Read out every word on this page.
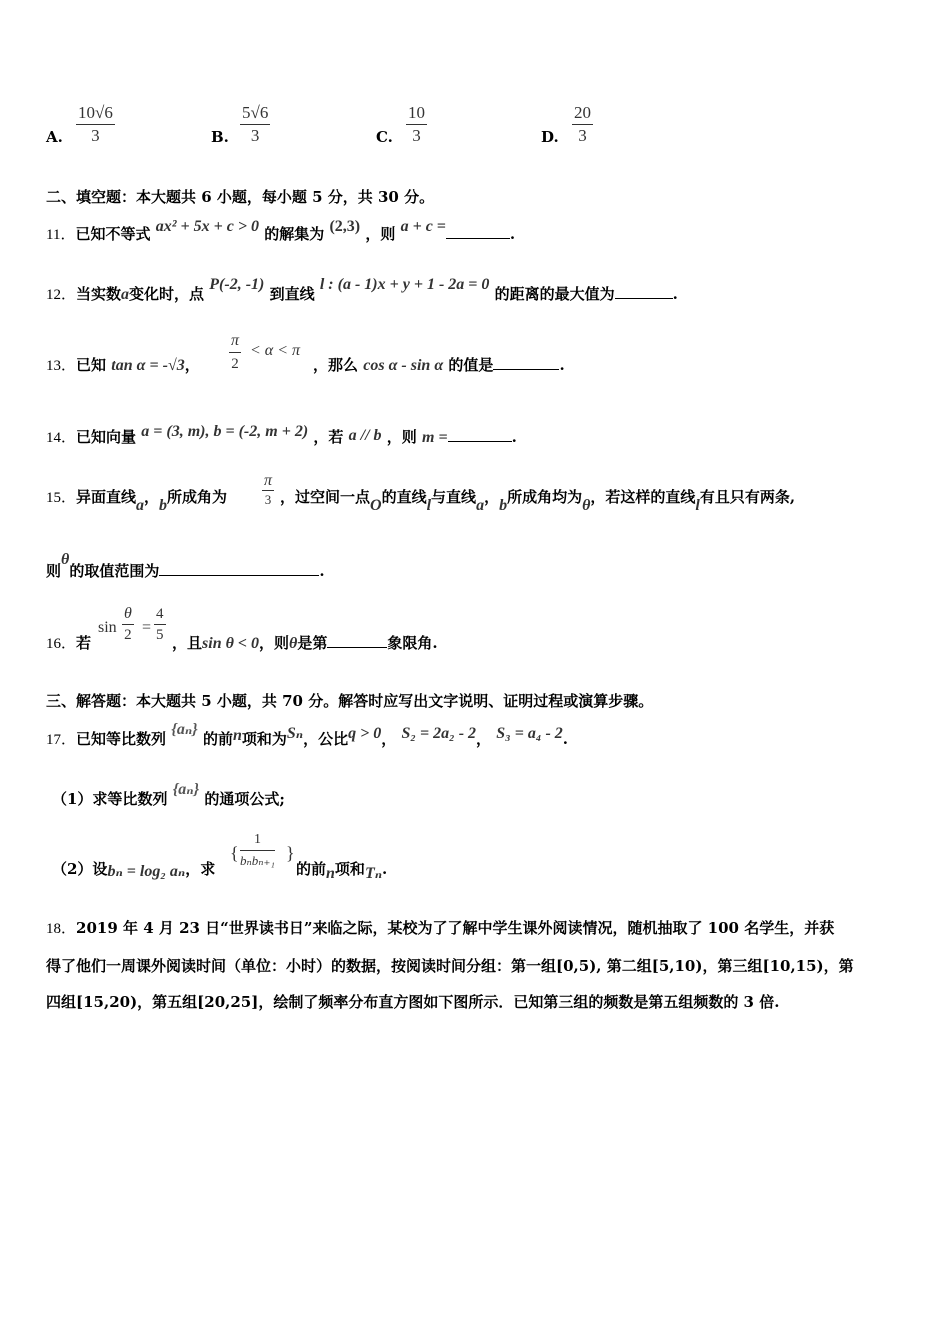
A. $\frac{10√6}{3}$	B. $\frac{5√6}{3}$	C. $\frac{10}{3}$	D. $\frac{20}{3}$
二、填空题：本大题共 6 小题，每小题 5 分，共 30 分。
11．已知不等式 ax² + 5x + c > 0 的解集为 (2,3) ，则 a + c =	.
12．当实数a变化时，点 P(-2, -1) 到直线 l : (a - 1)x + y + 1 - 2a = 0 的距离的最大值为	.
13．已知 tan α = -√3， $\frac{\pi}{2} < \alpha < \pi$
，那么 cos α - sin α 的值是	.
14．已知向量 a = (3, m), b = (-2, m + 2) ，若 a // b ，则 m =	.
15．异面直线a，b所成角为
π
3 ，过空间一点O的直线l与直线a，b所成角均为θ，若这样的直线l有且只有两条,
则θ的取值范围为	.
16．若
$\sin \frac{\theta}{2} = \frac{4}{5}$ ，且sin θ < 0，则θ是第	象限角.
三、解答题：本大题共 5 小题，共 70 分。解答时应写出文字说明、证明过程或演算步骤。
17．已知等比数列 {aₙ} 的前n项和为Sₙ，公比q > 0， S₂ = 2a₂ - 2， S₃ = a₄ - 2.
（1）求等比数列 {aₙ} 的通项公式;
（2）设bₙ = log₂ aₙ，求
{
1
bₙbₙ₊₁ }
的前n项和Tₙ.
18．2019 年 4 月 23 日“世界读书日”来临之际，某校为了了解中学生课外阅读情况，随机抽取了 100 名学生，并获
得了他们一周课外阅读时间（单位：小时）的数据，按阅读时间分组：第一组[0,5), 第二组[5,10)，第三组[10,15)，第
四组[15,20)，第五组[20,25]，绘制了频率分布直方图如下图所示．已知第三组的频数是第五组频数的 3 倍.
